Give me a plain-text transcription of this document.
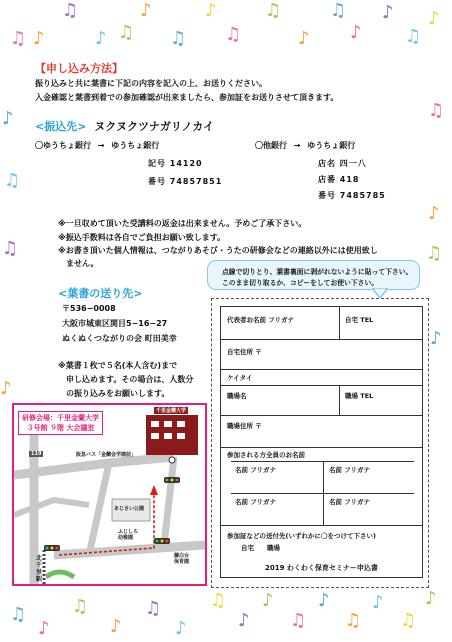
♫ ♪
♫
♪ ♫
♪
♫
♪
♫
♫
♪
♫
♪
♪
♫
♪
♪
♫
♫
♪
♫
♪
♫
♪
♫
♪
♪
♫
♪
♫
♪
♫
♪
♫
♪
♫
♪
♫
♪
【申し込み方法】
振り込みと共に葉書に下記の内容を記入の上、お送りください。
入金確認と葉書到着での参加確認が出来ましたら、参加証をお送りさせて頂きます。
<振込先> ヌクヌクツナガリノカイ
〇ゆうちょ銀行 → ゆうちょ銀行
記号 14120
番号 74857851
〇他銀行 → ゆうちょ銀行
店名 四一八
店番 418
番号 7485785
※一旦収めて頂いた受講料の返金は出来ません。予めご了承下さい。
※振込手数料は各自でご負担お願い致します。
※お書き頂いた個人情報は、つながりあそび・うたの研修会などの連絡以外には使用致し
ません。
点線で切りとり、葉書裏面に剥がれないように貼って下さい。
このまま切り取るか、コピーをしてお使い下さい。
<葉書の送り先>
〒536−0008
大阪市城東区関目5−16−27
ぬくぬくつながりの会 町田美幸
※葉書１枚で５名(本人含む)まで
申し込めます。その場合は、人数分
の振り込みをお願いします。
代表者お名前 フリガナ	自宅 TEL
自宅住所 〒
ケイタイ
職場名	職場 TEL
職場住所 〒
参加される方全員のお名前
名前 フリガナ	名前 フリガナ
名前 フリガナ	名前 フリガナ
参加証などの送付先(いずれかに〇をつけて下さい)
自宅 職場
2019 わくわく保育セミナー申込書
研修会場：千里金蘭大学
３号館 ９階 大会議室
千里金蘭大学
阪急バス「金蘭会学園前」
あじさい公園
ふじしろ
幼稚園
藤白台
保育園
119
北千里駅
